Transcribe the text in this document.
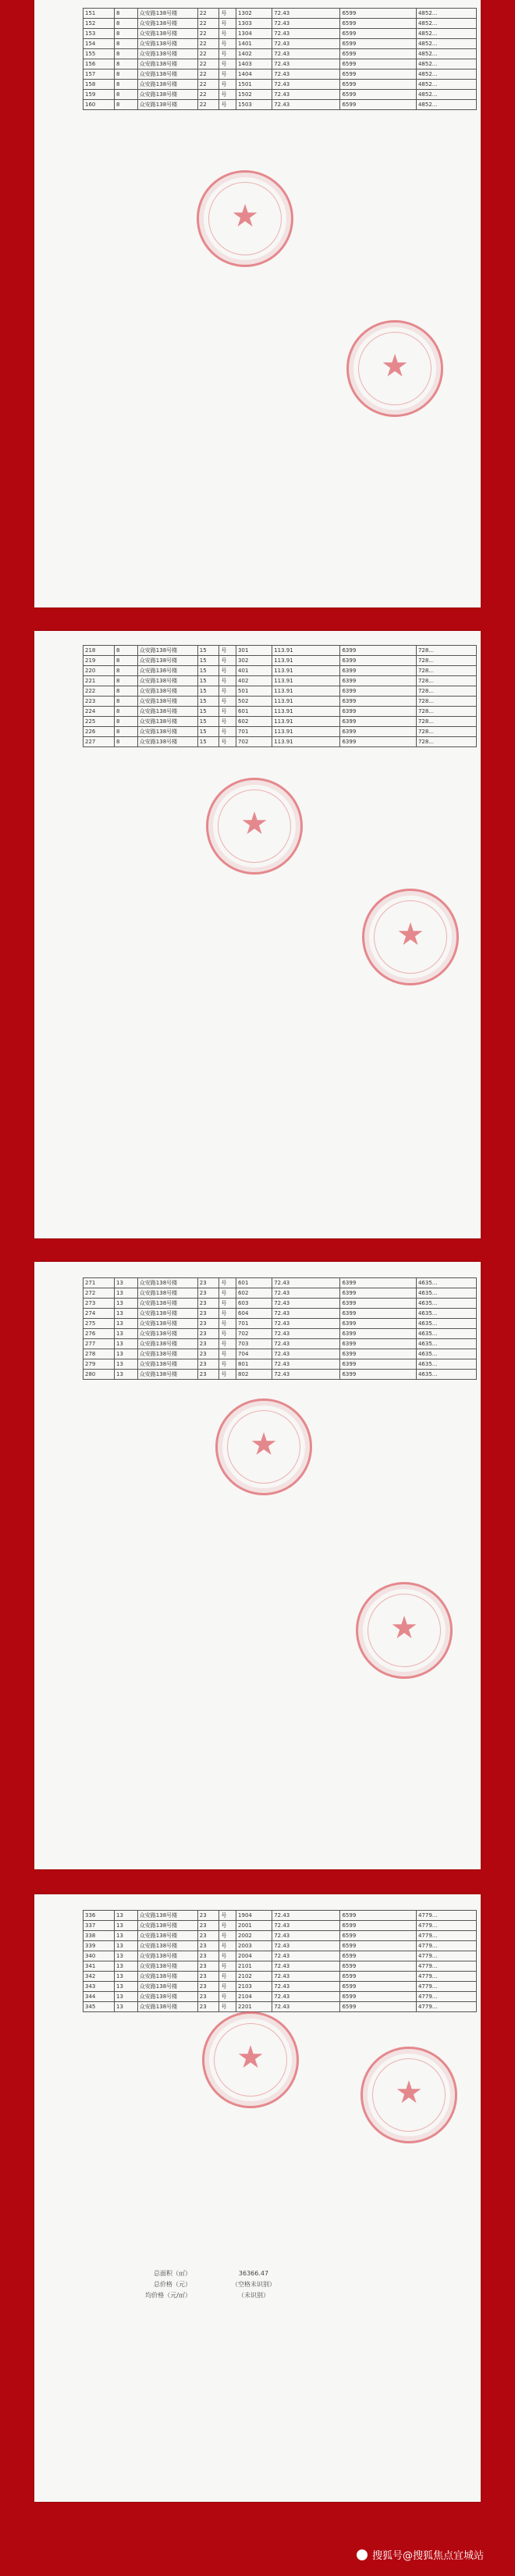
151	8	众安路138号楼	22	号	1302	72.43	6599	4852...
152	8	众安路138号楼	22	号	1303	72.43	6599	4852...
153	8	众安路138号楼	22	号	1304	72.43	6599	4852...
154	8	众安路138号楼	22	号	1401	72.43	6599	4852...
155	8	众安路138号楼	22	号	1402	72.43	6599	4852...
156	8	众安路138号楼	22	号	1403	72.43	6599	4852...
157	8	众安路138号楼	22	号	1404	72.43	6599	4852...
158	8	众安路138号楼	22	号	1501	72.43	6599	4852...
159	8	众安路138号楼	22	号	1502	72.43	6599	4852...
160	8	众安路138号楼	22	号	1503	72.43	6599	4852...
★
★
218	8	众安路138号楼	15	号	301	113.91	6399	728...
219	8	众安路138号楼	15	号	302	113.91	6399	728...
220	8	众安路138号楼	15	号	401	113.91	6399	728...
221	8	众安路138号楼	15	号	402	113.91	6399	728...
222	8	众安路138号楼	15	号	501	113.91	6399	728...
223	8	众安路138号楼	15	号	502	113.91	6399	728...
224	8	众安路138号楼	15	号	601	113.91	6399	728...
225	8	众安路138号楼	15	号	602	113.91	6399	728...
226	8	众安路138号楼	15	号	701	113.91	6399	728...
227	8	众安路138号楼	15	号	702	113.91	6399	728...
★
★
271	13	众安路138号楼	23	号	601	72.43	6399	4635...
272	13	众安路138号楼	23	号	602	72.43	6399	4635...
273	13	众安路138号楼	23	号	603	72.43	6399	4635...
274	13	众安路138号楼	23	号	604	72.43	6399	4635...
275	13	众安路138号楼	23	号	701	72.43	6399	4635...
276	13	众安路138号楼	23	号	702	72.43	6399	4635...
277	13	众安路138号楼	23	号	703	72.43	6399	4635...
278	13	众安路138号楼	23	号	704	72.43	6399	4635...
279	13	众安路138号楼	23	号	801	72.43	6399	4635...
280	13	众安路138号楼	23	号	802	72.43	6399	4635...
★
★
336	13	众安路138号楼	23	号	1904	72.43	6599	4779...
337	13	众安路138号楼	23	号	2001	72.43	6599	4779...
338	13	众安路138号楼	23	号	2002	72.43	6599	4779...
339	13	众安路138号楼	23	号	2003	72.43	6599	4779...
340	13	众安路138号楼	23	号	2004	72.43	6599	4779...
341	13	众安路138号楼	23	号	2101	72.43	6599	4779...
342	13	众安路138号楼	23	号	2102	72.43	6599	4779...
343	13	众安路138号楼	23	号	2103	72.43	6599	4779...
344	13	众安路138号楼	23	号	2104	72.43	6599	4779...
345	13	众安路138号楼	23	号	2201	72.43	6599	4779...
★
★
总面积（㎡）	36366.47
总价格（元）	（空格未识别）
均价格（元/㎡）	（未识别）
搜狐号@搜狐焦点宜城站
